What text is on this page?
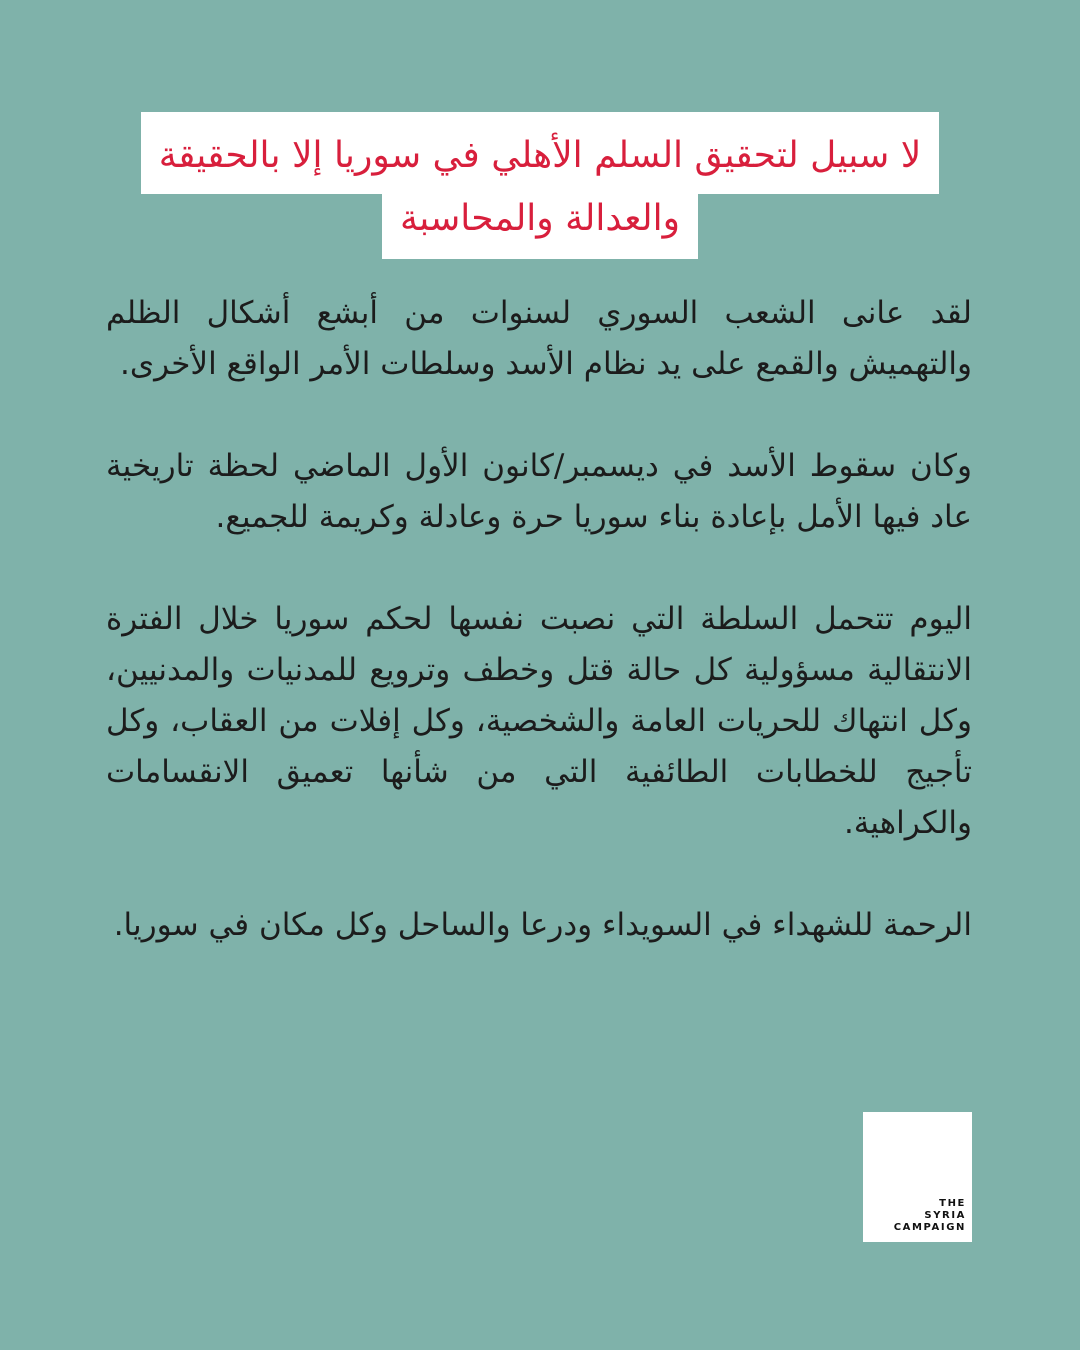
لا سبيل لتحقيق السلم الأهلي في سوريا إلا بالحقيقة
والعدالة والمحاسبة

لقد عانى الشعب السوري لسنوات من أبشع أشكال الظلم والتهميش والقمع على يد نظام الأسد وسلطات الأمر الواقع الأخرى.

وكان سقوط الأسد في ديسمبر/كانون الأول الماضي لحظة تاريخية عاد فيها الأمل بإعادة بناء سوريا حرة وعادلة وكريمة للجميع.

اليوم تتحمل السلطة التي نصبت نفسها لحكم سوريا خلال الفترة الانتقالية مسؤولية كل حالة قتل وخطف وترويع للمدنيات والمدنيين، وكل انتهاك للحريات العامة والشخصية، وكل إفلات من العقاب، وكل تأجيج للخطابات الطائفية التي من شأنها تعميق الانقسامات والكراهية.

الرحمة للشهداء في السويداء ودرعا والساحل وكل مكان في سوريا.

THE
SYRIA
CAMPAIGN
